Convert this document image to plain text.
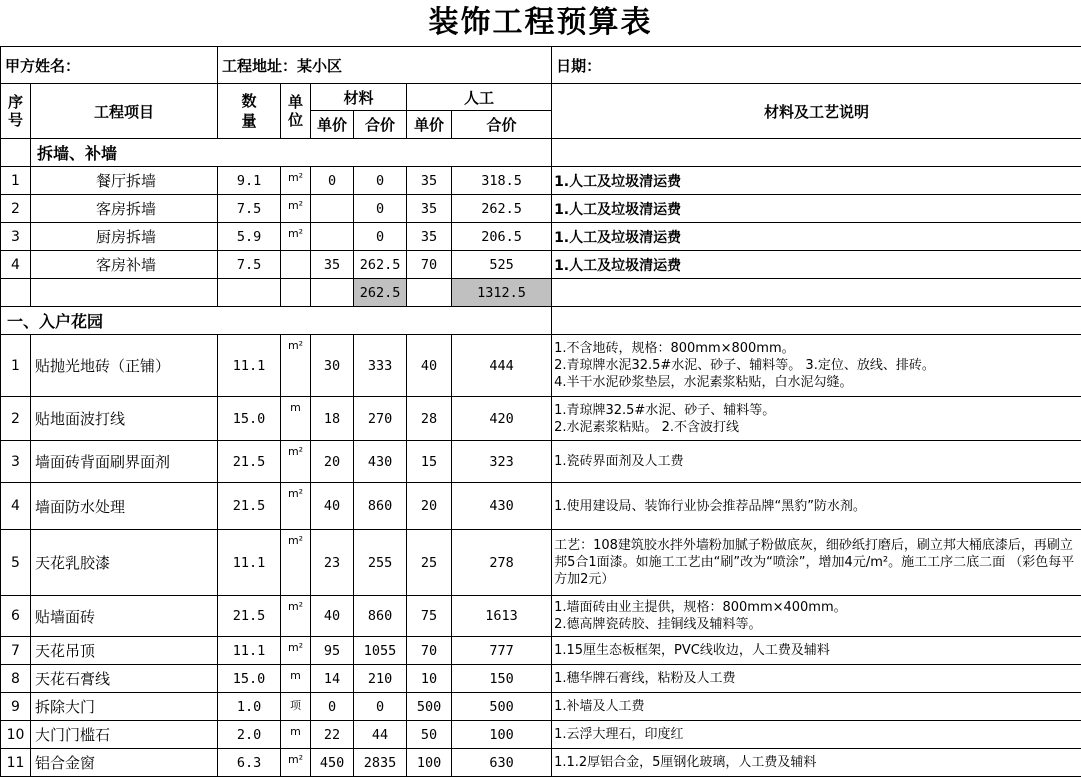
装饰工程预算表
甲方姓名：		工程地址：某小区						日期：
序号	工程项目	数量	单位	材料		人工		材料及工艺说明
				单价	合价	单价	合价	
	拆墙、补墙							
1	餐厅拆墙	9.1	m²	0	0	35	318.5	1.人工及垃圾清运费
2	客房拆墙	7.5	m²		0	35	262.5	1.人工及垃圾清运费
3	厨房拆墙	5.9	m²		0	35	206.5	1.人工及垃圾清运费
4	客房补墙	7.5		35	262.5	70	525	1.人工及垃圾清运费
					262.5		1312.5	
一、入户花园								
1	贴抛光地砖（正铺）	11.1	m²	30	333	40	444	1.不含地砖，规格：800mm×800mm。
2.青琼牌水泥32.5#水泥、砂子、辅料等。 3.定位、放线、排砖。
4.半干水泥砂浆垫层，水泥素浆粘贴，白水泥勾缝。

2	贴地面波打线	15.0	m	18	270	28	420	1.青琼牌32.5#水泥、砂子、辅料等。
2.水泥素浆粘贴。 2.不含波打线

3	墙面砖背面刷界面剂	21.5	m²	20	430	15	323	1.瓷砖界面剂及人工费

4	墙面防水处理	21.5	m²	40	860	20	430	1.使用建设局、装饰行业协会推荐品牌“黑豹”防水剂。

5	天花乳胶漆	11.1	m²	23	255	25	278	工艺：108建筑胶水拌外墙粉加腻子粉做底灰，细砂纸打磨后，刷立邦大桶底漆后，再刷立邦5合1面漆。如施工工艺由“刷”改为“喷涂”，增加4元/m²。施工工序二底二面 （彩色每平方加2元）

6	贴墙面砖	21.5	m²	40	860	75	1613	1.墙面砖由业主提供，规格：800mm×400mm。
2.德高牌瓷砖胶、挂铜线及辅料等。

7	天花吊顶	11.1	m²	95	1055	70	777	1.15厘生态板框架，PVC线收边，人工费及辅料

8	天花石膏线	15.0	m	14	210	10	150	1.穗华牌石膏线，粘粉及人工费

9	拆除大门	1.0	项	0	0	500	500	1.补墙及人工费

10	大门门槛石	2.0	m	22	44	50	100	1.云浮大理石，印度红

11	铝合金窗	6.3	m²	450	2835	100	630	1.1.2厚铝合金，5厘钢化玻璃，人工费及辅料
